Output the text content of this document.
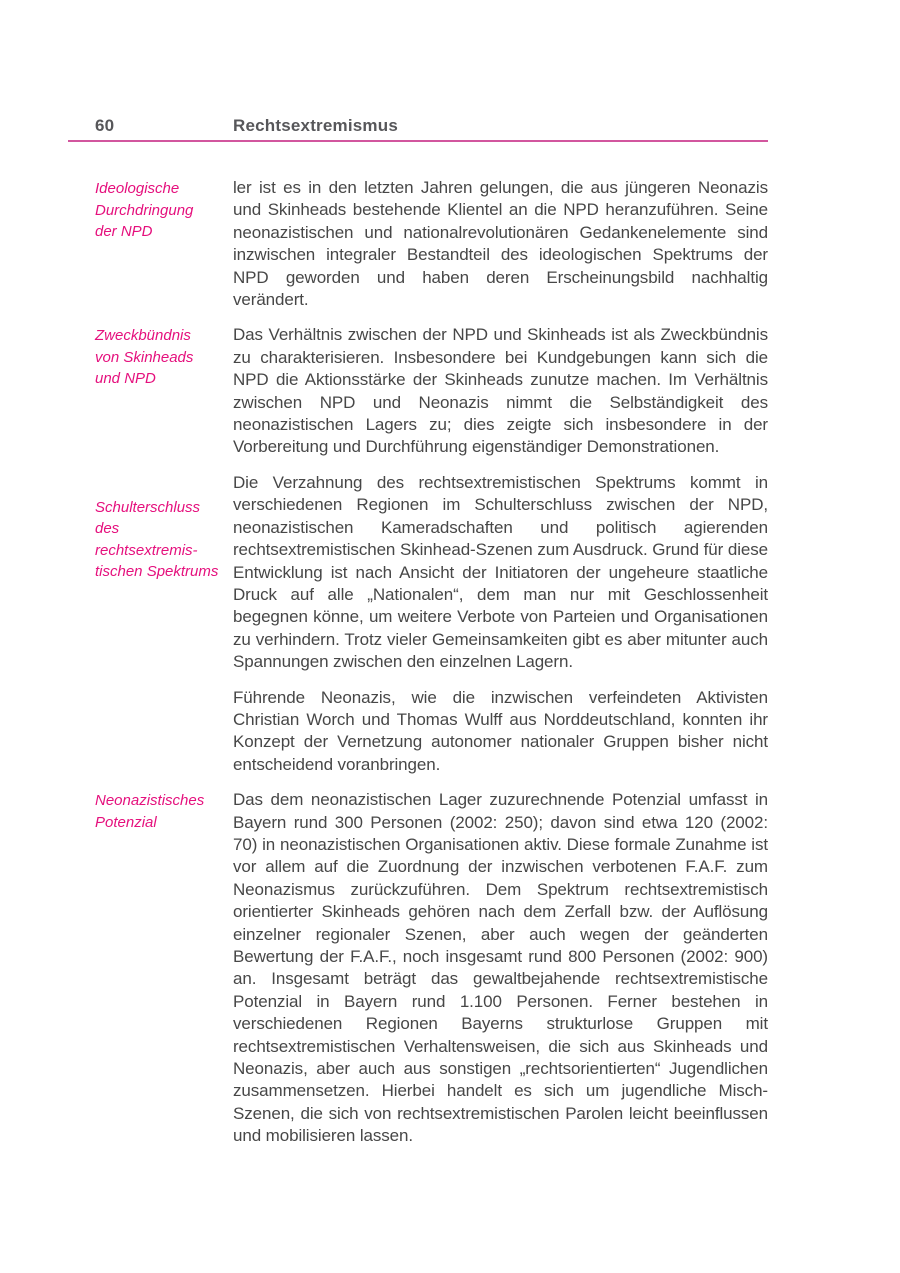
60	Rechtsextremismus
Ideologische
Durchdringung
der NPD
ler ist es in den letzten Jahren gelungen, die aus jüngeren Neonazis und Skinheads bestehende Klientel an die NPD heranzuführen. Seine neonazistischen und nationalrevolutionären Gedankenelemente sind inzwischen integraler Bestandteil des ideologischen Spektrums der NPD geworden und haben deren Erscheinungsbild nachhaltig verändert.
Zweckbündnis
von Skinheads
und NPD
Das Verhältnis zwischen der NPD und Skinheads ist als Zweckbündnis zu charakterisieren. Insbesondere bei Kundgebungen kann sich die NPD die Aktionsstärke der Skinheads zunutze machen. Im Verhältnis zwischen NPD und Neonazis nimmt die Selbständigkeit des neonazistischen Lagers zu; dies zeigte sich insbesondere in der Vorbereitung und Durchführung eigenständiger Demonstrationen.
Schulterschluss
des rechtsextremis-
tischen Spektrums
Die Verzahnung des rechtsextremistischen Spektrums kommt in verschiedenen Regionen im Schulterschluss zwischen der NPD, neonazistischen Kameradschaften und politisch agierenden rechtsextremistischen Skinhead-Szenen zum Ausdruck. Grund für diese Entwicklung ist nach Ansicht der Initiatoren der ungeheure staatliche Druck auf alle „Nationalen“, dem man nur mit Geschlossenheit begegnen könne, um weitere Verbote von Parteien und Organisationen zu verhindern. Trotz vieler Gemeinsamkeiten gibt es aber mitunter auch Spannungen zwischen den einzelnen Lagern.
Führende Neonazis, wie die inzwischen verfeindeten Aktivisten Christian Worch und Thomas Wulff aus Norddeutschland, konnten ihr Konzept der Vernetzung autonomer nationaler Gruppen bisher nicht entscheidend voranbringen.
Neonazistisches
Potenzial
Das dem neonazistischen Lager zuzurechnende Potenzial umfasst in Bayern rund 300 Personen (2002: 250); davon sind etwa 120 (2002: 70) in neonazistischen Organisationen aktiv. Diese formale Zunahme ist vor allem auf die Zuordnung der inzwischen verbotenen F.A.F. zum Neonazismus zurückzuführen. Dem Spektrum rechtsextremistisch orientierter Skinheads gehören nach dem Zerfall bzw. der Auflösung einzelner regionaler Szenen, aber auch wegen der geänderten Bewertung der F.A.F., noch insgesamt rund 800 Personen (2002: 900) an. Insgesamt beträgt das gewaltbejahende rechtsextremistische Potenzial in Bayern rund 1.100 Personen. Ferner bestehen in verschiedenen Regionen Bayerns strukturlose Gruppen mit rechtsextremistischen Verhaltensweisen, die sich aus Skinheads und Neonazis, aber auch aus sonstigen „rechtsorientierten“ Jugendlichen zusammensetzen. Hierbei handelt es sich um jugendliche Misch-Szenen, die sich von rechtsextremistischen Parolen leicht beeinflussen und mobilisieren lassen.
